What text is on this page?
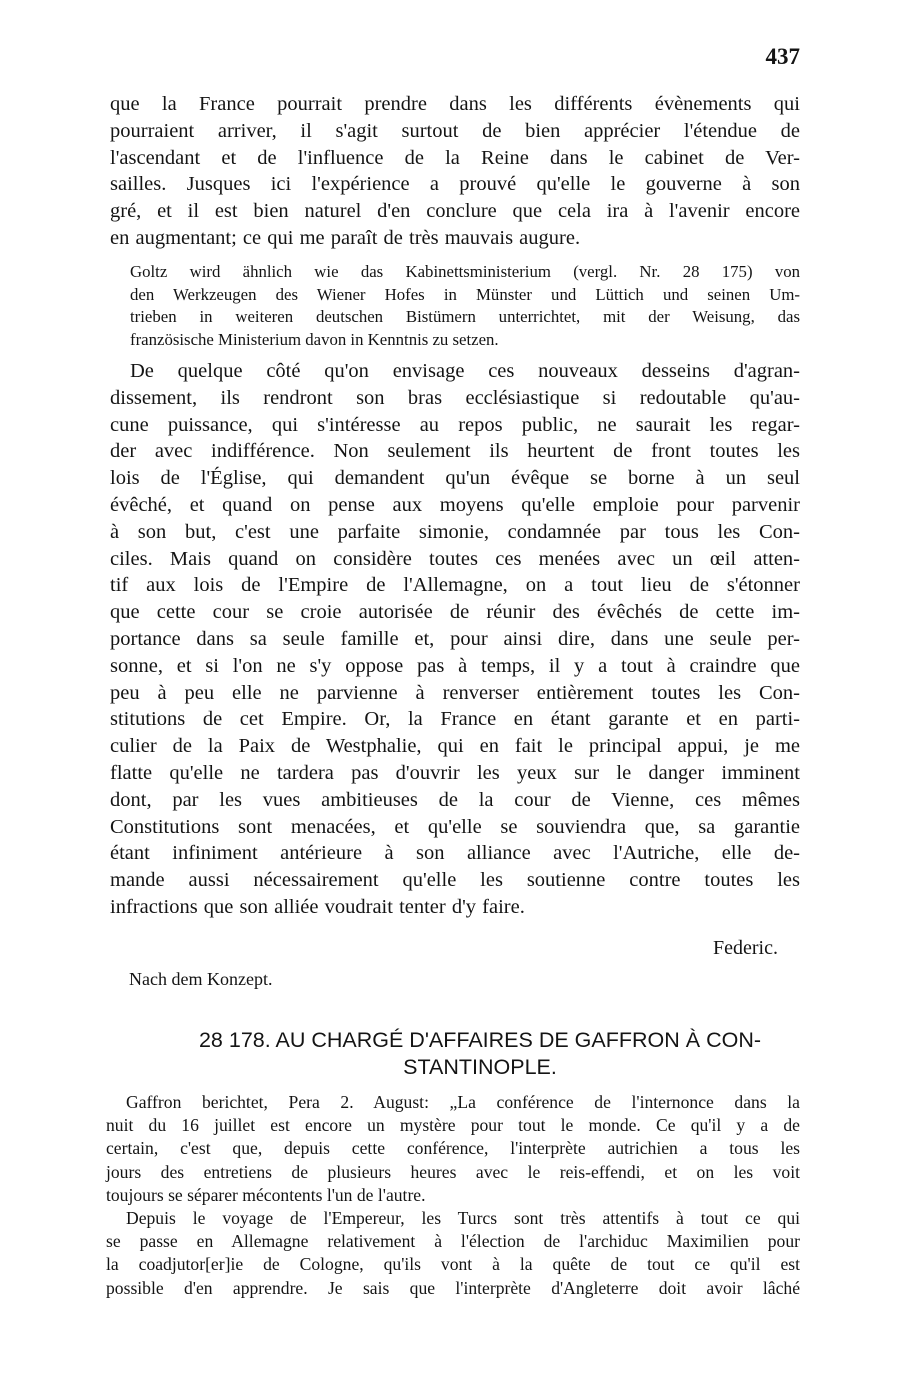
437
que la France pourrait prendre dans les différents évènements qui
pourraient arriver, il s'agit surtout de bien apprécier l'étendue de
l'ascendant et de l'influence de la Reine dans le cabinet de Ver-
sailles. Jusques ici l'expérience a prouvé qu'elle le gouverne à son
gré, et il est bien naturel d'en conclure que cela ira à l'avenir encore
en augmentant; ce qui me paraît de très mauvais augure.
Goltz wird ähnlich wie das Kabinettsministerium (vergl. Nr. 28 175) von
den Werkzeugen des Wiener Hofes in Münster und Lüttich und seinen Um-
trieben in weiteren deutschen Bistümern unterrichtet, mit der Weisung, das
französische Ministerium davon in Kenntnis zu setzen.
De quelque côté qu'on envisage ces nouveaux desseins d'agran-
dissement, ils rendront son bras ecclésiastique si redoutable qu'au-
cune puissance, qui s'intéresse au repos public, ne saurait les regar-
der avec indifférence. Non seulement ils heurtent de front toutes les
lois de l'Église, qui demandent qu'un évêque se borne à un seul
évêché, et quand on pense aux moyens qu'elle emploie pour parvenir
à son but, c'est une parfaite simonie, condamnée par tous les Con-
ciles. Mais quand on considère toutes ces menées avec un œil atten-
tif aux lois de l'Empire de l'Allemagne, on a tout lieu de s'étonner
que cette cour se croie autorisée de réunir des évêchés de cette im-
portance dans sa seule famille et, pour ainsi dire, dans une seule per-
sonne, et si l'on ne s'y oppose pas à temps, il y a tout à craindre que
peu à peu elle ne parvienne à renverser entièrement toutes les Con-
stitutions de cet Empire. Or, la France en étant garante et en parti-
culier de la Paix de Westphalie, qui en fait le principal appui, je me
flatte qu'elle ne tardera pas d'ouvrir les yeux sur le danger imminent
dont, par les vues ambitieuses de la cour de Vienne, ces mêmes
Constitutions sont menacées, et qu'elle se souviendra que, sa garantie
étant infiniment antérieure à son alliance avec l'Autriche, elle de-
mande aussi nécessairement qu'elle les soutienne contre toutes les
infractions que son alliée voudrait tenter d'y faire.
Federic.
Nach dem Konzept.
28 178. AU CHARGÉ D'AFFAIRES DE GAFFRON À CON-
STANTINOPLE.
Gaffron berichtet, Pera 2. August: „La conférence de l'internonce dans la
nuit du 16 juillet est encore un mystère pour tout le monde. Ce qu'il y a de
certain, c'est que, depuis cette conférence, l'interprète autrichien a tous les
jours des entretiens de plusieurs heures avec le reis-effendi, et on les voit
toujours se séparer mécontents l'un de l'autre.
Depuis le voyage de l'Empereur, les Turcs sont très attentifs à tout ce qui
se passe en Allemagne relativement à l'élection de l'archiduc Maximilien pour
la coadjutor[er]ie de Cologne, qu'ils vont à la quête de tout ce qu'il est
possible d'en apprendre. Je sais que l'interprète d'Angleterre doit avoir lâché
